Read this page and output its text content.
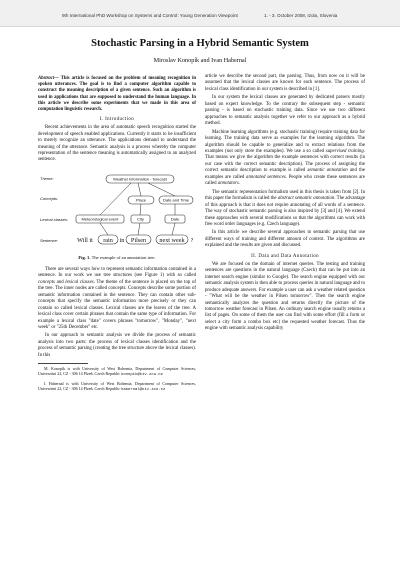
9th International PhD Workshop on Systems and Control: Young Generation Viewpoint	1. - 3. October 2008, Izola, Slovenia
Stochastic Parsing in a Hybrid Semantic System
Miroslav Konopík and Ivan Habernal

Abstract— This article is focused on the problem of meaning recognition in spoken utterances. The goal is to find a computer algorithm capable to construct the meaning description of a given sentence. Such an algorithm is used in applications that are supposed to understand the human language. In this article we describe some experiments that we made in this area of computation linguistic research.

I. Introduction

Recent achievements in the area of automatic speech recognition started the development of speech enabled applications. Currently it starts to be insufficient to merely recognize an utterance. The applications demand to understand the meaning of the utterance. Semantic analysis is a process whereby the computer representation of the sentence meaning is automatically assigned to an analyzed sentence.

Theme:
Concepts:
Lexical classes:
Sentence:
Weather information - forecast
Place	Date and Time
Meteorological event	City	Date
Will it rain in Pilsen next week ?
Fig. 1. The example of an annotation tree.

There are several ways how to represent semantic information contained in a sentence. In our work we use tree structures (see Figure 1) with so called concepts and lexical classes. The theme of the sentence is placed on the top of the tree. The inner nodes are called concepts. Concepts describe some portion of semantic information contained in the sentence. They can contain other sub-concepts that specify the semantic information more precisely or they can contain so called lexical classes. Lexical classes are the leaves of the tree. A lexical class cover certain phrases that contain the same type of information. For example a lexical class "date" covers phrases "tomorrow", "Monday", "next week" or "25th December" etc.

In our approach to semantic analysis we divide the process of semantic analysis into two parts: the process of lexical classes identification and the process of semantic parsing (creating the tree structure above the lexical classes). In this

M. Konopík is with University of West Bohemia, Department of Computer Sciences, Univerzitní 22, CZ - 306 14 Plzeň, Czech Republic konopik@kiv.zcu.cz

I. Habernal is with University of West Bohemia, Department of Computer Sciences, Univerzitní 22, CZ - 306 14 Plzeň, Czech Republic habernal@kiv.zcu.cz

article we describe the second part, the parsing. Thus, from now on it will be assumed that the lexical classes are known for each sentence. The process of lexical class identification in our system is described in [1].

In our system the lexical classes are generated by dedicated parsers mostly based on expert knowledge. To the contrary the subsequent step - semantic parsing - is based on stochastic training data. Since we use two different approaches to semantic analysis together we refer to our approach as a hybrid method.

Machine learning algorithms (e.g. stochastic training) require training data for learning. The training data serve as examples for the learning algorithm. The algorithm should be capable to generalize and to extract relations from the examples (not only store the examples). We use a so called supervised training. That means we give the algorithm the example sentences with correct results (in our case with the correct semantic description). The process of assigning the correct semantic description to example is called semantic annotation and the examples are called annotated sentences. People who create these sentences are called annotators.

The semantic representation formalism used in this thesis is taken from [2]. In this paper the formalism is called the abstract semantic annotation. The advantage of this approach is that it does not require annotating of all words of a sentence. The way of stochastic semantic parsing is also inspired by [3] and [4]. We extend these approaches with several modifications so that the algorithms can work with free word order languages (e.g. Czech language).

In this article we describe several approaches to semantic parsing that use different ways of training and different amount of context. The algorithms are explained and the results are given and discussed.

II. Data and Data Annotation

We are focused on the domain of internet queries. The testing and training sentences are questions in the natural language (Czech) that can be put into an internet search engine (similar to Google). The search engine equipped with our semantic analysis system is then able to process queries in natural language and to produce adequate answers. For example a user can ask a weather related question - "What will be the weather in Pilsen tomorrow". Then the search engine semantically analyzes the question and returns directly the picture of the tomorrow weather forecast in Pilsen. An ordinary search engine usually returns a list of pages. On some of them the user can find with some effort (fill a form or select a city form a combo box etc) the requested weather forecast. Thus the engine with semantic analysis capability
